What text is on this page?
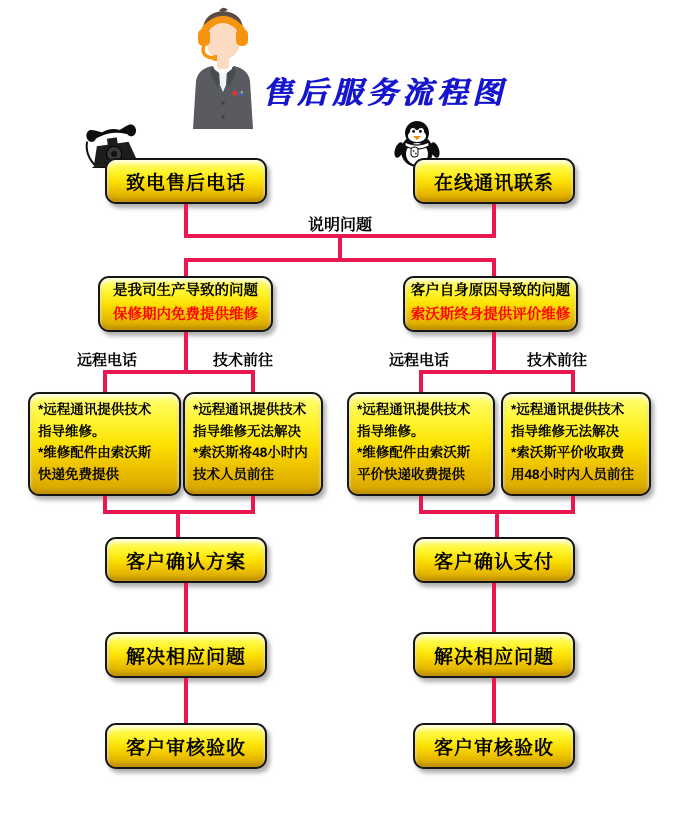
售后服务流程图
致电售后电话	在线通讯联系
说明问题
是我司生产导致的问题
保修期内免费提供维修
客户自身原因导致的问题
索沃斯终身提供评价维修
远程电话	技术前往	远程电话	技术前往
*远程通讯提供技术
指导维修。
*维修配件由索沃斯
快递免费提供
*远程通讯提供技术
指导维修无法解决
*索沃斯将48小时内
技术人员前往
*远程通讯提供技术
指导维修。
*维修配件由索沃斯
平价快递收费提供
*远程通讯提供技术
指导维修无法解决
*索沃斯平价收取费
用48小时内人员前往
客户确认方案	客户确认支付
解决相应问题	解决相应问题
客户审核验收	客户审核验收
